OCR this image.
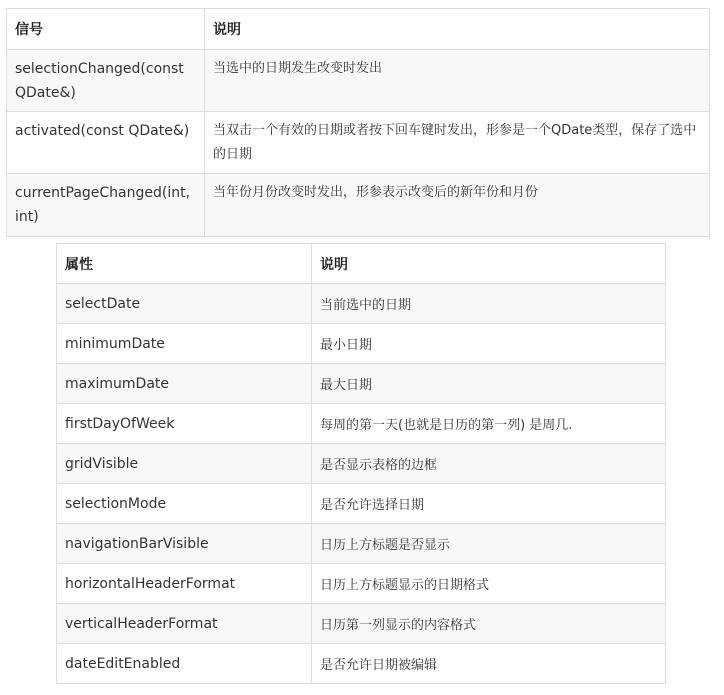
信号	说明
selectionChanged(const QDate&)	当选中的日期发生改变时发出
activated(const QDate&)	当双击一个有效的日期或者按下回车键时发出，形参是一个QDate类型，保存了选中的日期
currentPageChanged(int, int)	当年份月份改变时发出，形参表示改变后的新年份和月份
属性	说明
selectDate	当前选中的日期
minimumDate	最小日期
maximumDate	最大日期
firstDayOfWeek	每周的第一天(也就是日历的第一列) 是周几.
gridVisible	是否显示表格的边框
selectionMode	是否允许选择日期
navigationBarVisible	日历上方标题是否显示
horizontalHeaderFormat	日历上方标题显示的日期格式
verticalHeaderFormat	日历第一列显示的内容格式
dateEditEnabled	是否允许日期被编辑
